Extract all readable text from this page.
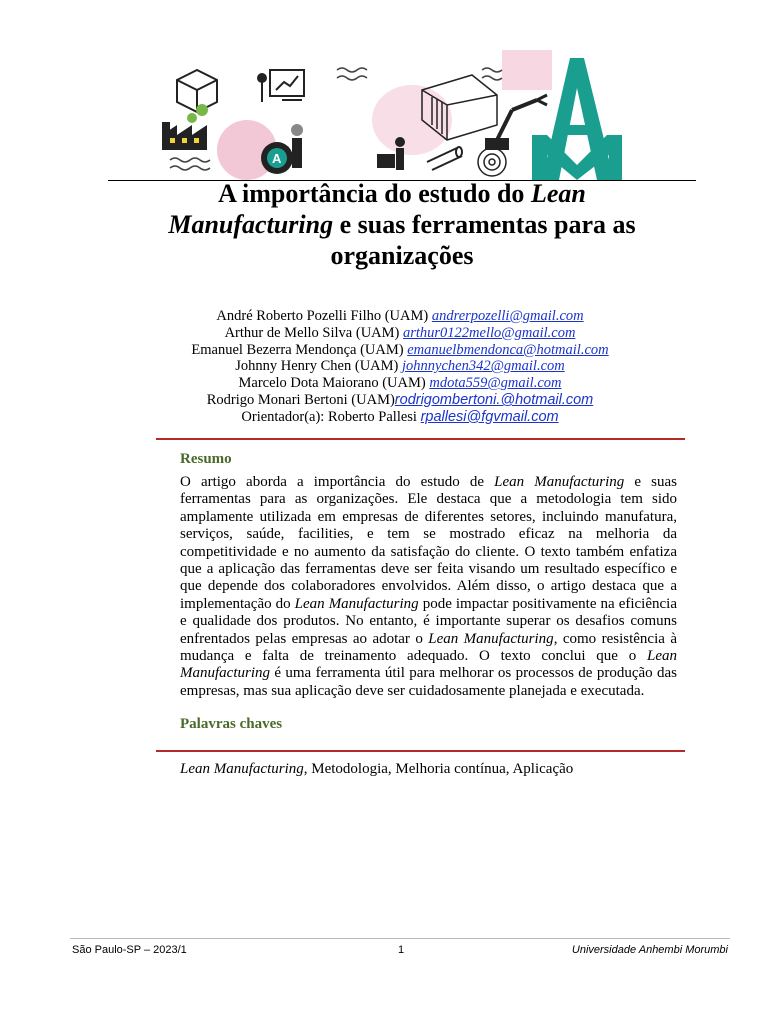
A
A importância do estudo do Lean
Manufacturing e suas ferramentas para as
organizações
André Roberto Pozelli Filho (UAM) andrerpozelli@gmail.com
Arthur de Mello Silva (UAM) arthur0122mello@gmail.com
Emanuel Bezerra Mendonça (UAM) emanuelbmendonca@hotmail.com
Johnny Henry Chen (UAM) johnnychen342@gmail.com
Marcelo Dota Maiorano (UAM) mdota559@gmail.com
Rodrigo Monari Bertoni (UAM)rodrigombertoni.@hotmail.com
Orientador(a): Roberto Pallesi rpallesi@fgvmail.com
Resumo

O artigo aborda a importância do estudo de Lean Manufacturing e suas ferramentas para as organizações. Ele destaca que a metodologia tem sido amplamente utilizada em empresas de diferentes setores, incluindo manufatura, serviços, saúde, facilities, e tem se mostrado eficaz na melhoria da competitividade e no aumento da satisfação do cliente. O texto também enfatiza que a aplicação das ferramentas deve ser feita visando um resultado específico e que depende dos colaboradores envolvidos. Além disso, o artigo destaca que a implementação do Lean Manufacturing pode impactar positivamente na eficiência e qualidade dos produtos. No entanto, é importante superar os desafios comuns enfrentados pelas empresas ao adotar o Lean Manufacturing, como resistência à mudança e falta de treinamento adequado. O texto conclui que o Lean Manufacturing é uma ferramenta útil para melhorar os processos de produção das empresas, mas sua aplicação deve ser cuidadosamente planejada e executada.

Palavras chaves
Lean Manufacturing, Metodologia, Melhoria contínua, Aplicação
São Paulo-SP – 2023/1	1	Universidade Anhembi Morumbi
